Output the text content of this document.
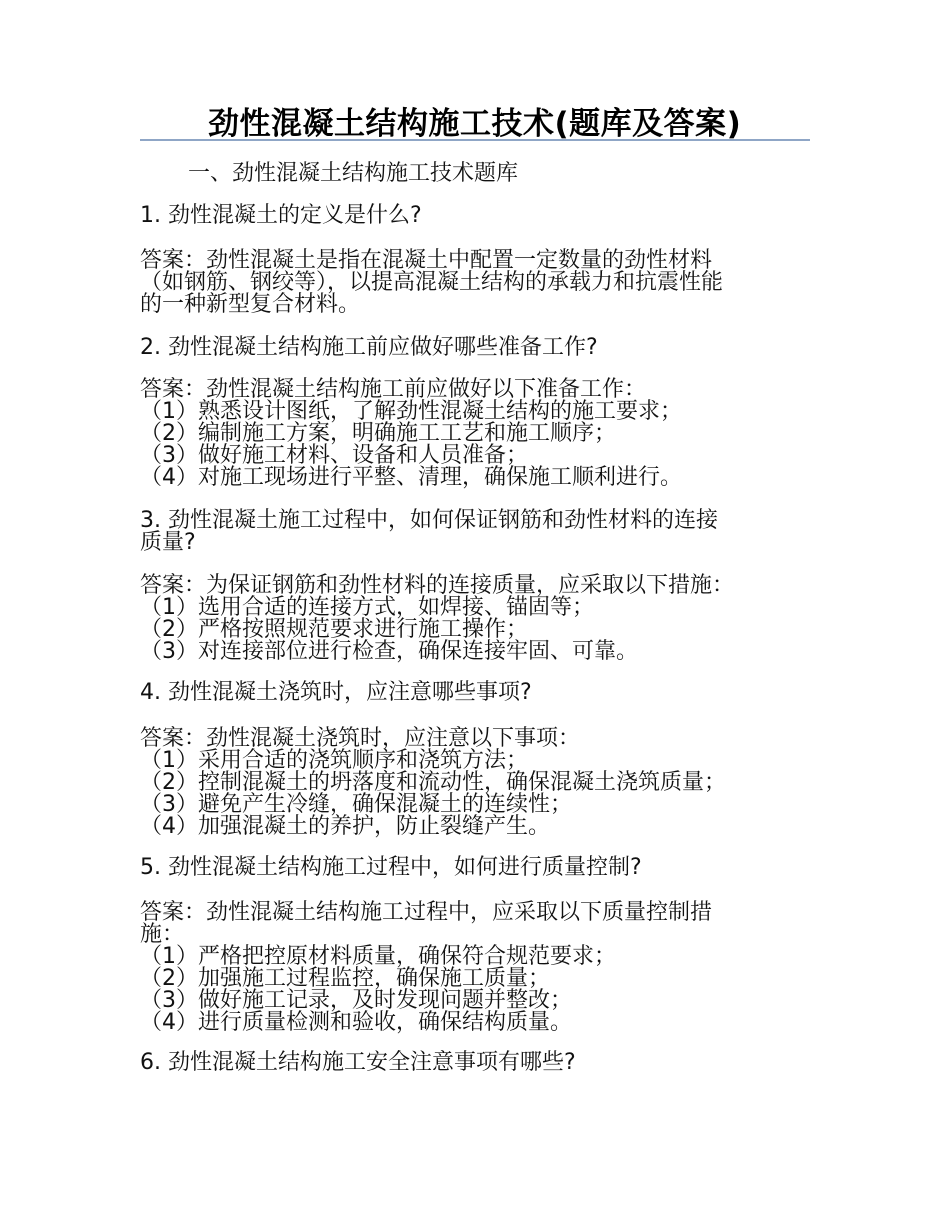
劲性混凝土结构施工技术(题库及答案)
一、劲性混凝土结构施工技术题库
1. 劲性混凝土的定义是什么?
答案：劲性混凝土是指在混凝土中配置一定数量的劲性材料
（如钢筋、钢绞等），以提高混凝土结构的承载力和抗震性能
的一种新型复合材料。
2. 劲性混凝土结构施工前应做好哪些准备工作?
答案：劲性混凝土结构施工前应做好以下准备工作：
（1）熟悉设计图纸，了解劲性混凝土结构的施工要求；
（2）编制施工方案，明确施工工艺和施工顺序；
（3）做好施工材料、设备和人员准备；
（4）对施工现场进行平整、清理，确保施工顺利进行。
3. 劲性混凝土施工过程中，如何保证钢筋和劲性材料的连接
质量?
答案：为保证钢筋和劲性材料的连接质量，应采取以下措施：
（1）选用合适的连接方式，如焊接、锚固等；
（2）严格按照规范要求进行施工操作；
（3）对连接部位进行检查，确保连接牢固、可靠。
4. 劲性混凝土浇筑时，应注意哪些事项?
答案：劲性混凝土浇筑时，应注意以下事项：
（1）采用合适的浇筑顺序和浇筑方法；
（2）控制混凝土的坍落度和流动性，确保混凝土浇筑质量；
（3）避免产生冷缝，确保混凝土的连续性；
（4）加强混凝土的养护，防止裂缝产生。
5. 劲性混凝土结构施工过程中，如何进行质量控制?
答案：劲性混凝土结构施工过程中，应采取以下质量控制措
施：
（1）严格把控原材料质量，确保符合规范要求；
（2）加强施工过程监控，确保施工质量；
（3）做好施工记录，及时发现问题并整改；
（4）进行质量检测和验收，确保结构质量。
6. 劲性混凝土结构施工安全注意事项有哪些?
